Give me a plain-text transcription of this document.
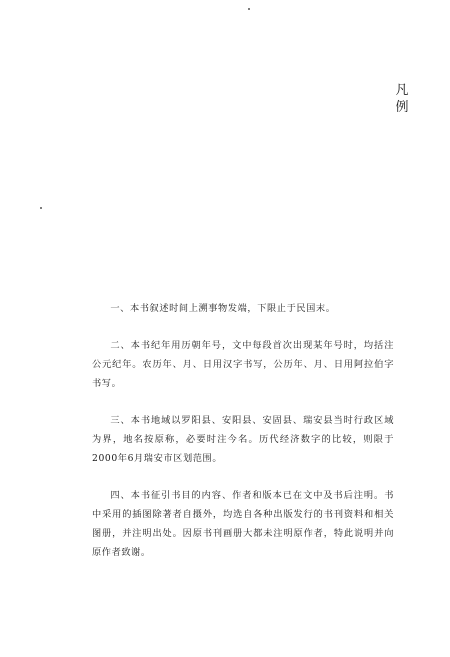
凡例

一、本书叙述时间上溯事物发端，下限止于民国末。

二、本书纪年用历朝年号，文中每段首次出现某年号时，均括注公元纪年。农历年、月、日用汉字书写，公历年、月、日用阿拉伯字书写。

三、本书地域以罗阳县、安阳县、安固县、瑞安县当时行政区域为界，地名按原称，必要时注今名。历代经济数字的比较，则限于2000年6月瑞安市区划范围。

四、本书征引书目的内容、作者和版本已在文中及书后注明。书中采用的插图除著者自摄外，均选自各种出版发行的书刊资料和相关图册，并注明出处。因原书刊画册大都未注明原作者，特此说明并向原作者致谢。
